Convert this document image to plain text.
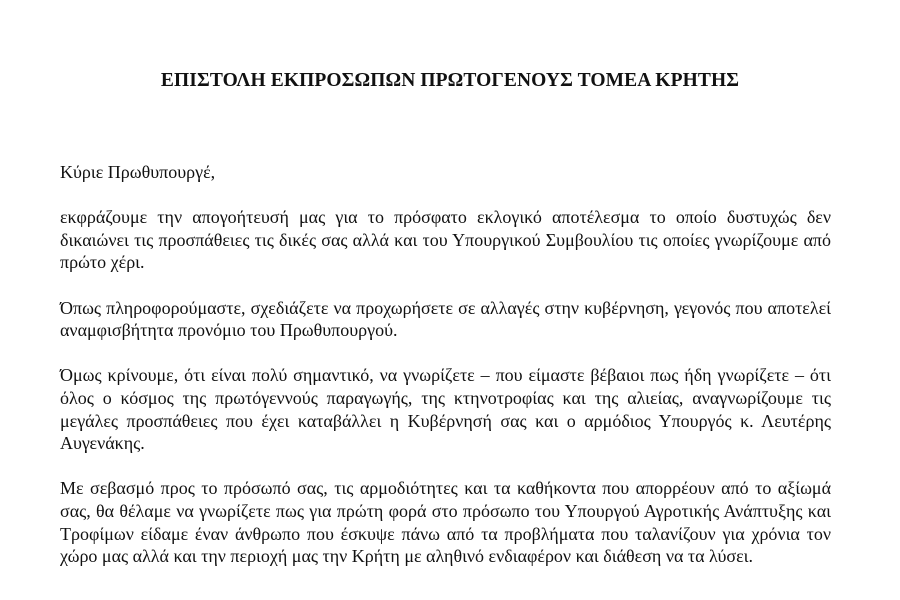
ΕΠΙΣΤΟΛΗ ΕΚΠΡΟΣΩΠΩΝ ΠΡΩΤΟΓΕΝΟΥΣ ΤΟΜΕΑ ΚΡΗΤΗΣ

Κύριε Πρωθυπουργέ,

εκφράζουμε την απογοήτευσή μας για το πρόσφατο εκλογικό αποτέλεσμα το οποίο δυστυχώς δεν δικαιώνει τις προσπάθειες τις δικές σας αλλά και του Υπουργικού Συμβουλίου τις οποίες γνωρίζουμε από πρώτο χέρι.

Όπως πληροφορούμαστε, σχεδιάζετε να προχωρήσετε σε αλλαγές στην κυβέρνηση, γεγονός που αποτελεί αναμφισβήτητα προνόμιο του Πρωθυπουργού.

Όμως κρίνουμε, ότι είναι πολύ σημαντικό, να γνωρίζετε – που είμαστε βέβαιοι πως ήδη γνωρίζετε – ότι όλος ο κόσμος της πρωτόγεννούς παραγωγής, της κτηνοτροφίας και της αλιείας, αναγνωρίζουμε τις μεγάλες προσπάθειες που έχει καταβάλλει η Κυβέρνησή σας και ο αρμόδιος Υπουργός κ. Λευτέρης Αυγενάκης.

Με σεβασμό προς το πρόσωπό σας, τις αρμοδιότητες και τα καθήκοντα που απορρέουν από το αξίωμά σας, θα θέλαμε να γνωρίζετε πως για πρώτη φορά στο πρόσωπο του Υπουργού Αγροτικής Ανάπτυξης και Τροφίμων είδαμε έναν άνθρωπο που έσκυψε πάνω από τα προβλήματα που ταλανίζουν για χρόνια τον χώρο μας αλλά και την περιοχή μας την Κρήτη με αληθινό ενδιαφέρον και διάθεση να τα λύσει.
